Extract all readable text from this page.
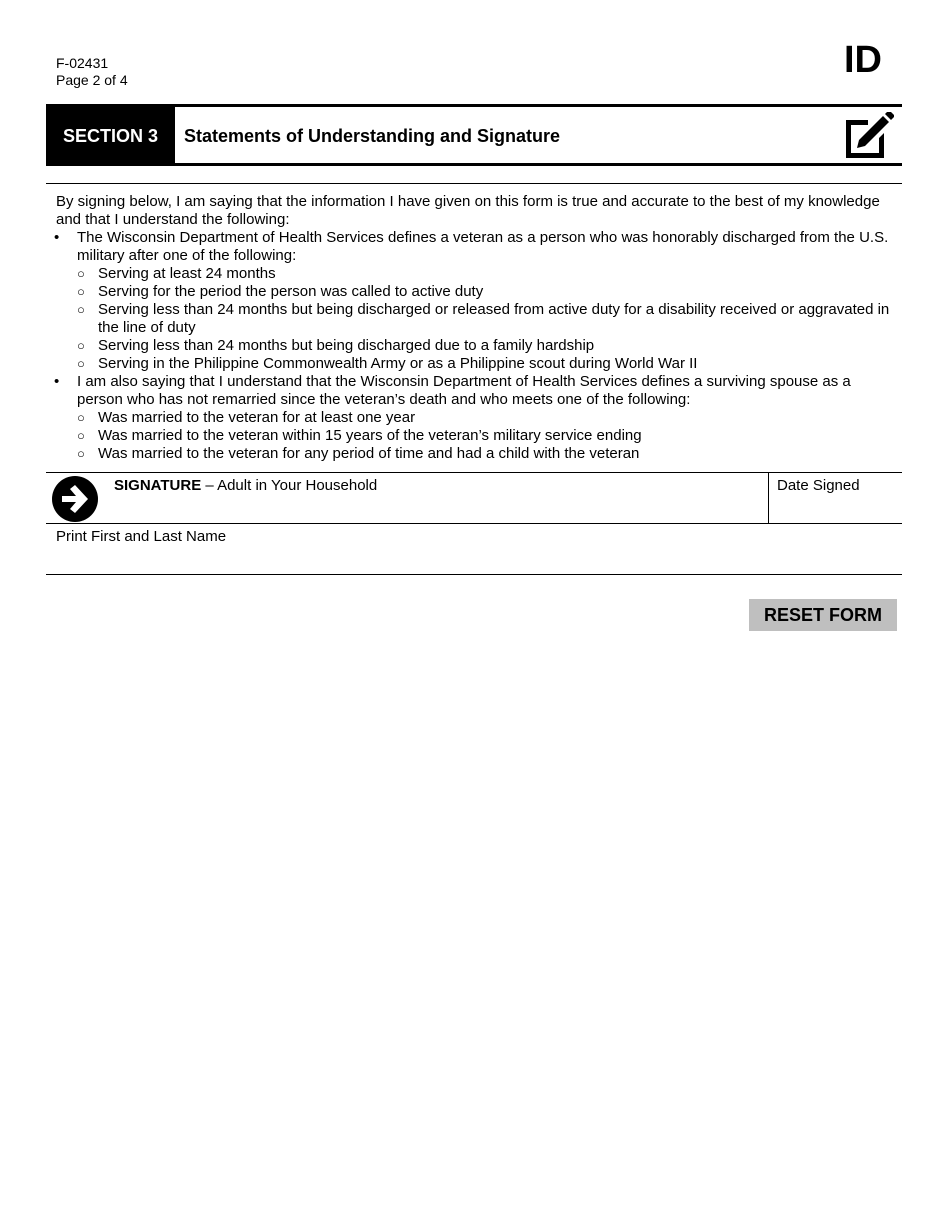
F-02431
Page 2 of 4	ID
SECTION 3	Statements of Understanding and Signature

By signing below, I am saying that the information I have given on this form is true and accurate to the best of my knowledge and that I understand the following:

• The Wisconsin Department of Health Services defines a veteran as a person who was honorably discharged from the U.S. military after one of the following:
○ Serving at least 24 months
○ Serving for the period the person was called to active duty
○ Serving less than 24 months but being discharged or released from active duty for a disability received or aggravated in the line of duty
○ Serving less than 24 months but being discharged due to a family hardship
○ Serving in the Philippine Commonwealth Army or as a Philippine scout during World War II
• I am also saying that I understand that the Wisconsin Department of Health Services defines a surviving spouse as a person who has not remarried since the veteran’s death and who meets one of the following:
○ Was married to the veteran for at least one year
○ Was married to the veteran within 15 years of the veteran’s military service ending
○ Was married to the veteran for any period of time and had a child with the veteran
SIGNATURE – Adult in Your Household	Date Signed
Print First and Last Name
RESET FORM
